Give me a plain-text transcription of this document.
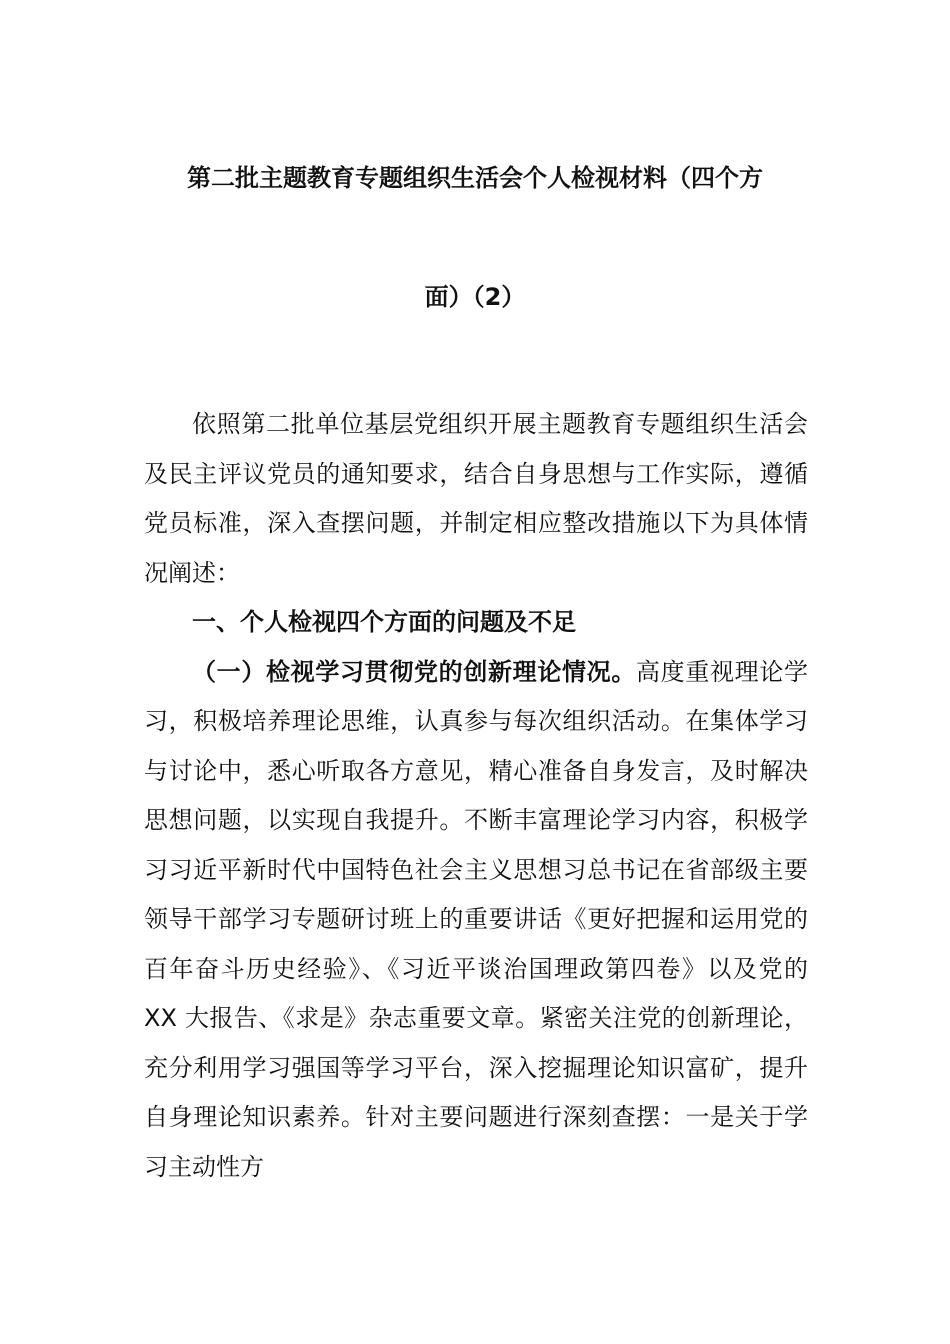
第二批主题教育专题组织生活会个人检视材料（四个方
面）（2）

依照第二批单位基层党组织开展主题教育专题组织生活会及民主评议党员的通知要求，结合自身思想与工作实际，遵循党员标准，深入查摆问题，并制定相应整改措施以下为具体情况阐述：

一、个人检视四个方面的问题及不足

（一）检视学习贯彻党的创新理论情况。高度重视理论学习，积极培养理论思维，认真参与每次组织活动。在集体学习与讨论中，悉心听取各方意见，精心准备自身发言，及时解决思想问题，以实现自我提升。不断丰富理论学习内容，积极学习习近平新时代中国特色社会主义思想习总书记在省部级主要领导干部学习专题研讨班上的重要讲话《更好把握和运用党的百年奋斗历史经验》、《习近平谈治国理政第四卷》以及党的 XX 大报告、《求是》杂志重要文章。紧密关注党的创新理论，充分利用学习强国等学习平台，深入挖掘理论知识富矿，提升自身理论知识素养。针对主要问题进行深刻查摆：一是关于学习主动性方
